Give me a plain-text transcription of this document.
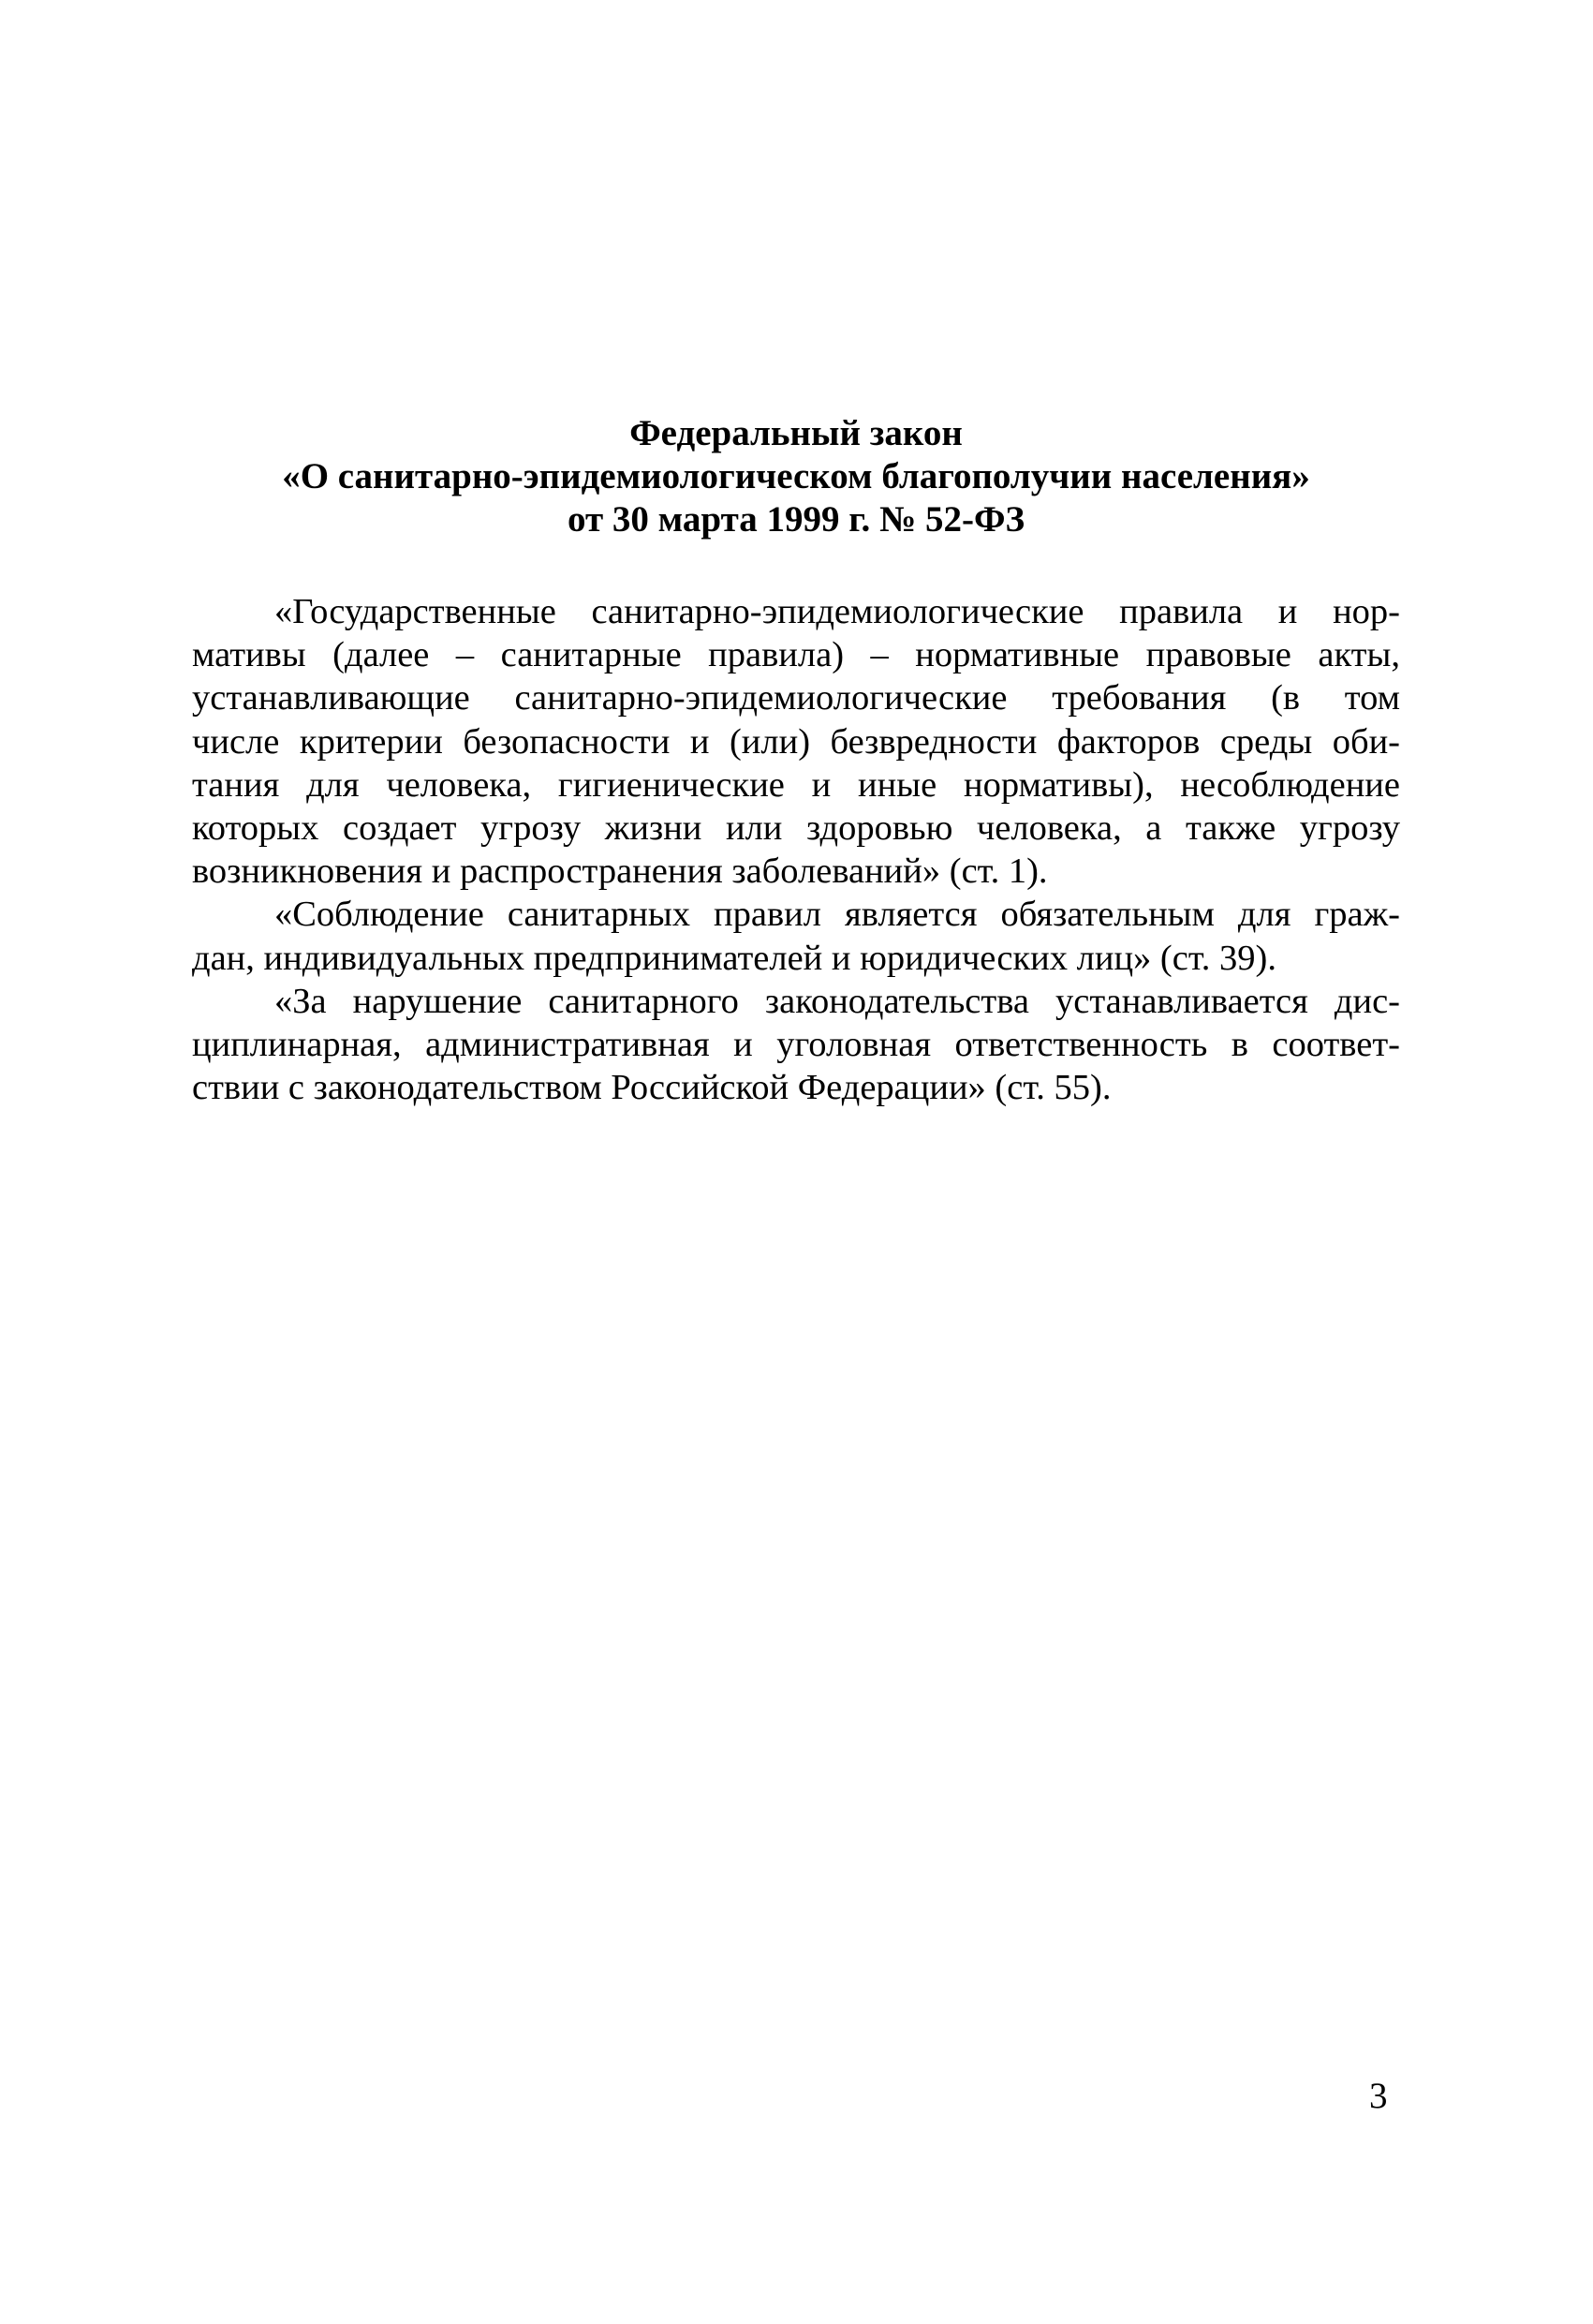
Федеральный закон
«О санитарно-эпидемиологическом благополучии населения»
от 30 марта 1999 г. № 52-ФЗ
«Государственные санитарно-эпидемиологические правила и нор-
мативы (далее – санитарные правила) – нормативные правовые акты,
устанавливающие санитарно-эпидемиологические требования (в том
числе критерии безопасности и (или) безвредности факторов среды оби-
тания для человека, гигиенические и иные нормативы), несоблюдение
которых создает угрозу жизни или здоровью человека, а также угрозу
возникновения и распространения заболеваний» (ст. 1).
«Соблюдение санитарных правил является обязательным для граж-
дан, индивидуальных предпринимателей и юридических лиц» (ст. 39).
«За нарушение санитарного законодательства устанавливается дис-
циплинарная, административная и уголовная ответственность в соответ-
ствии с законодательством Российской Федерации» (ст. 55).
3
